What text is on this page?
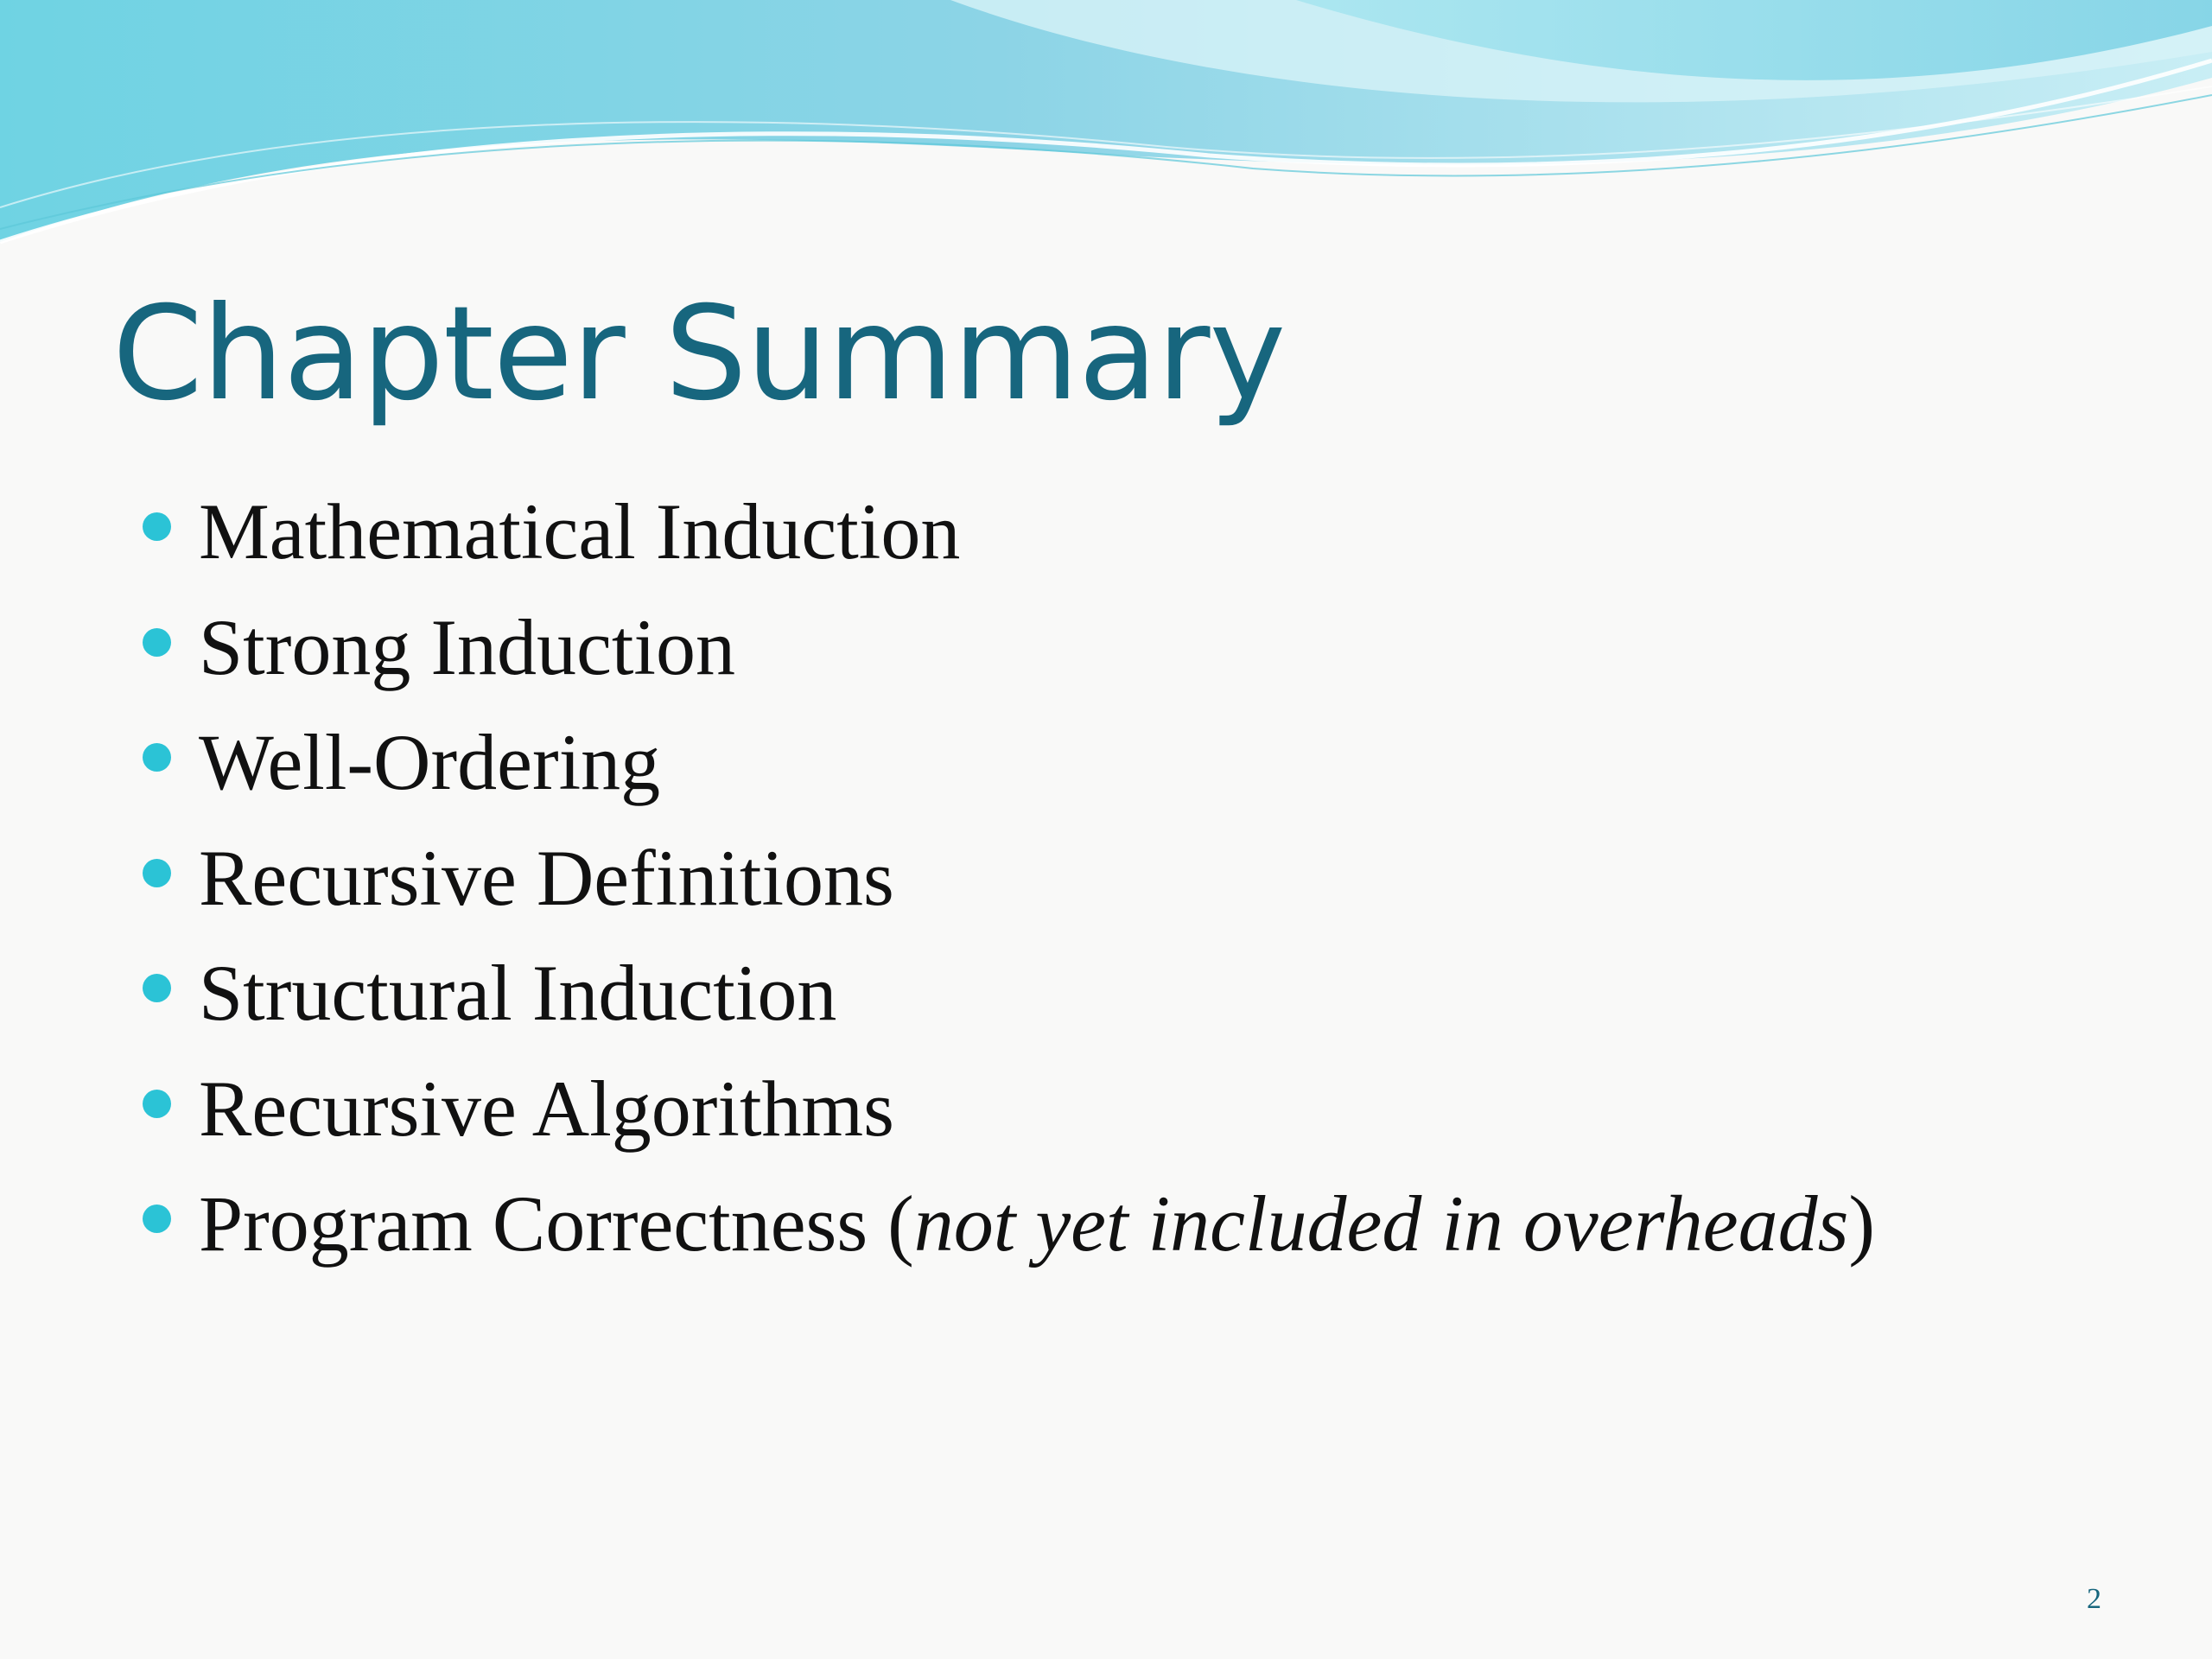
Chapter Summary
Mathematical Induction
Strong Induction
Well-Ordering
Recursive Definitions
Structural Induction
Recursive Algorithms
Program Correctness (not yet included in overheads)
2
